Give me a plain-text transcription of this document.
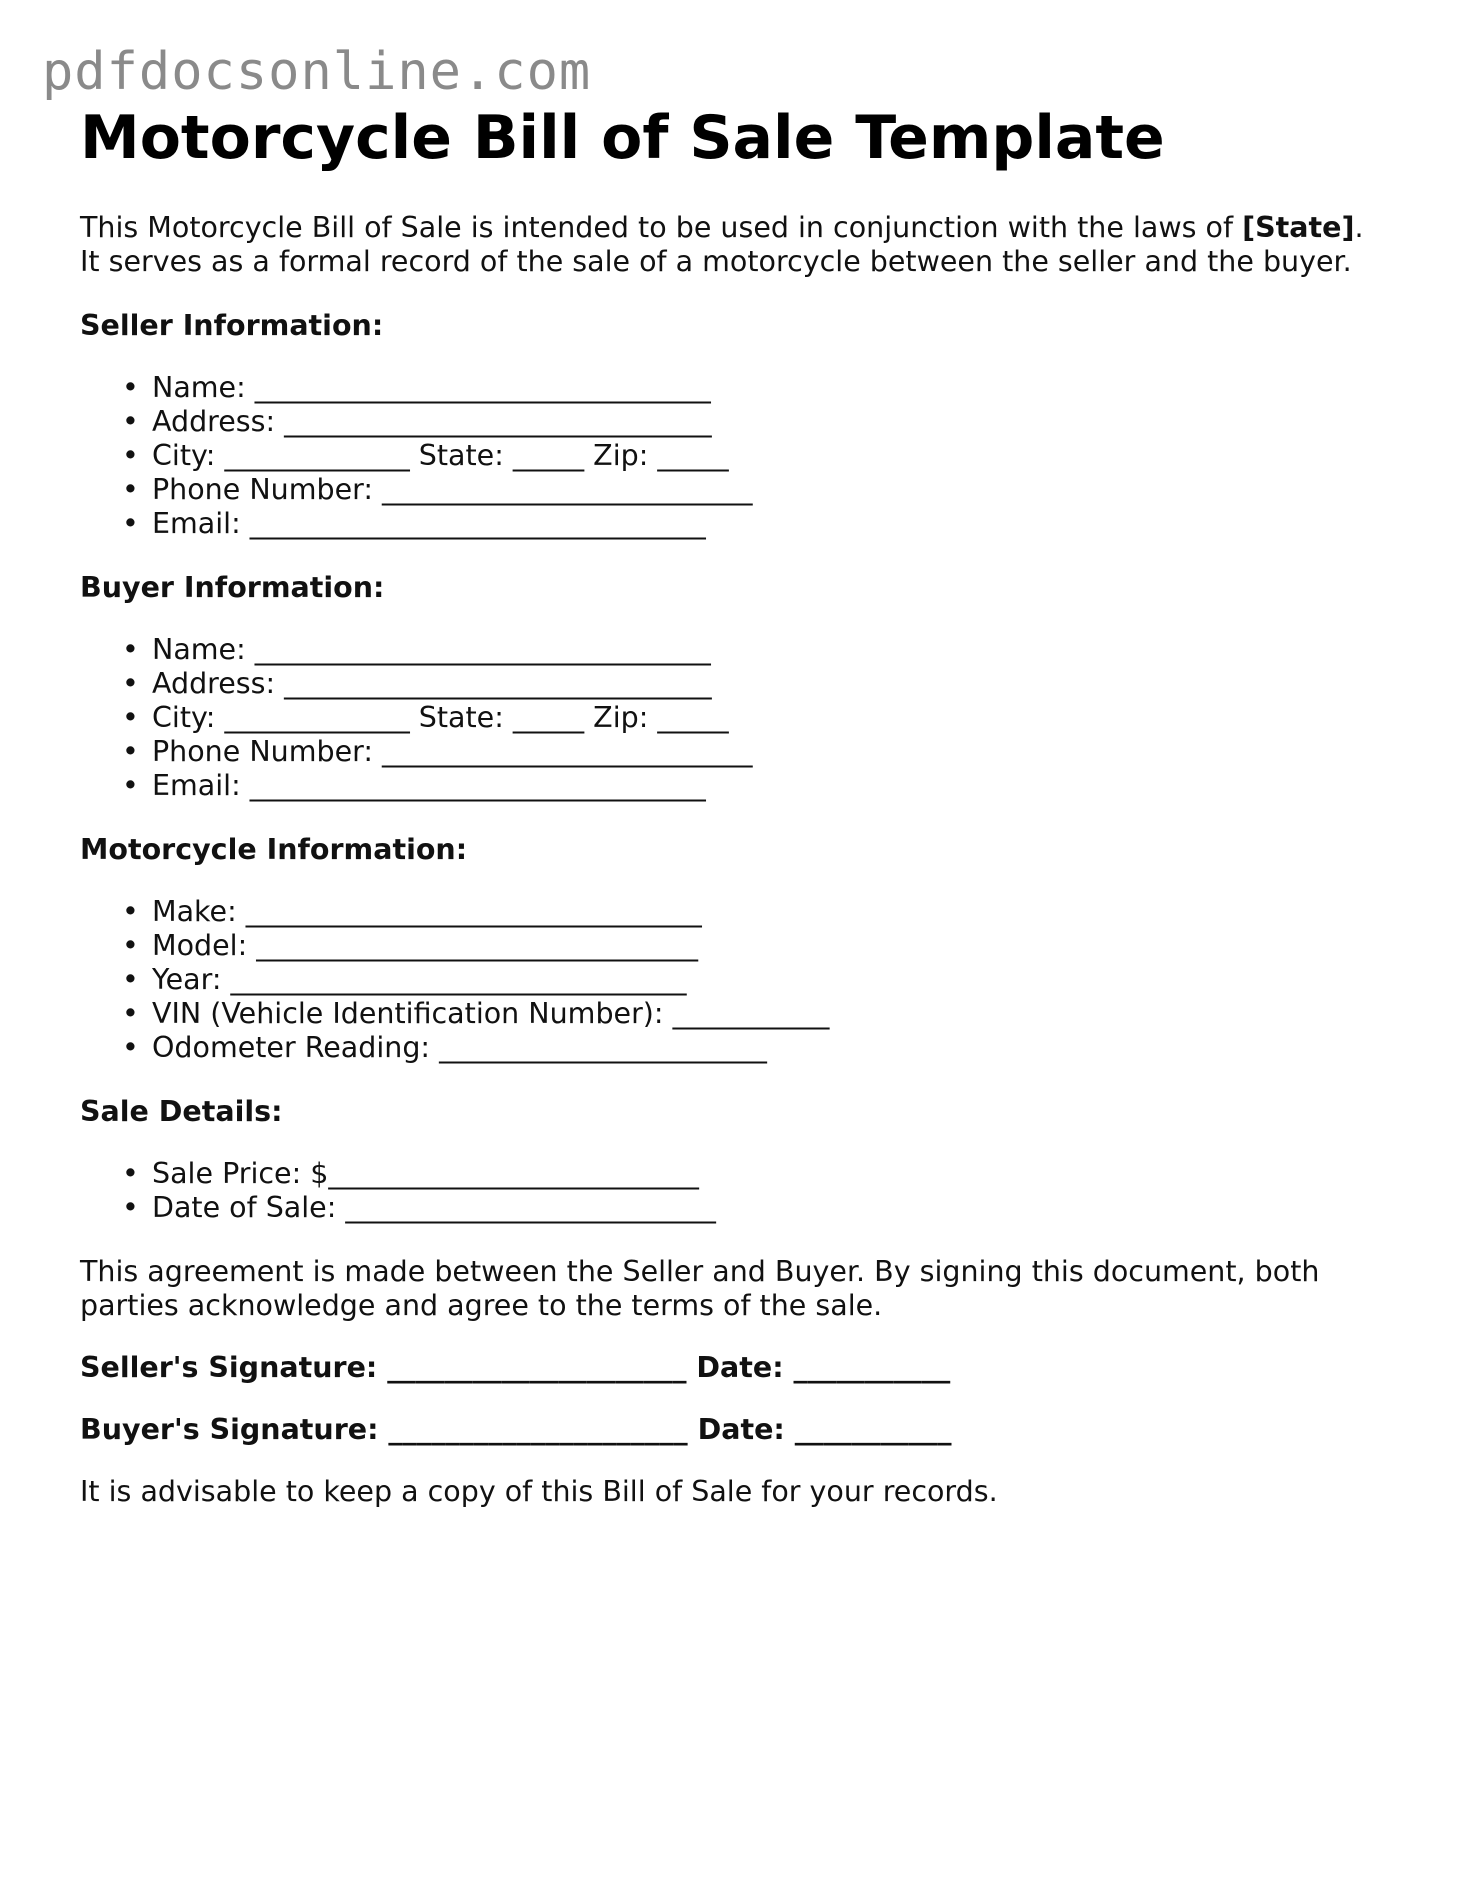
pdfdocsonline.com
Motorcycle Bill of Sale Template

This Motorcycle Bill of Sale is intended to be used in conjunction with the laws of [State].

It serves as a formal record of the sale of a motorcycle between the seller and the buyer.

Seller Information:
• Name: ________________________________
• Address: ______________________________
• City: _____________ State: _____ Zip: _____
• Phone Number: __________________________
• Email: ________________________________
Buyer Information:
• Name: ________________________________
• Address: ______________________________
• City: _____________ State: _____ Zip: _____
• Phone Number: __________________________
• Email: ________________________________
Motorcycle Information:
• Make: ________________________________
• Model: _______________________________
• Year: ________________________________
• VIN (Vehicle Identification Number): ___________
• Odometer Reading: _______________________
Sale Details:
• Sale Price: $__________________________
• Date of Sale: __________________________

This agreement is made between the Seller and Buyer. By signing this document, both

parties acknowledge and agree to the terms of the sale.

Seller's Signature: _____________________ Date: ___________
Buyer's Signature: _____________________ Date: ___________

It is advisable to keep a copy of this Bill of Sale for your records.
